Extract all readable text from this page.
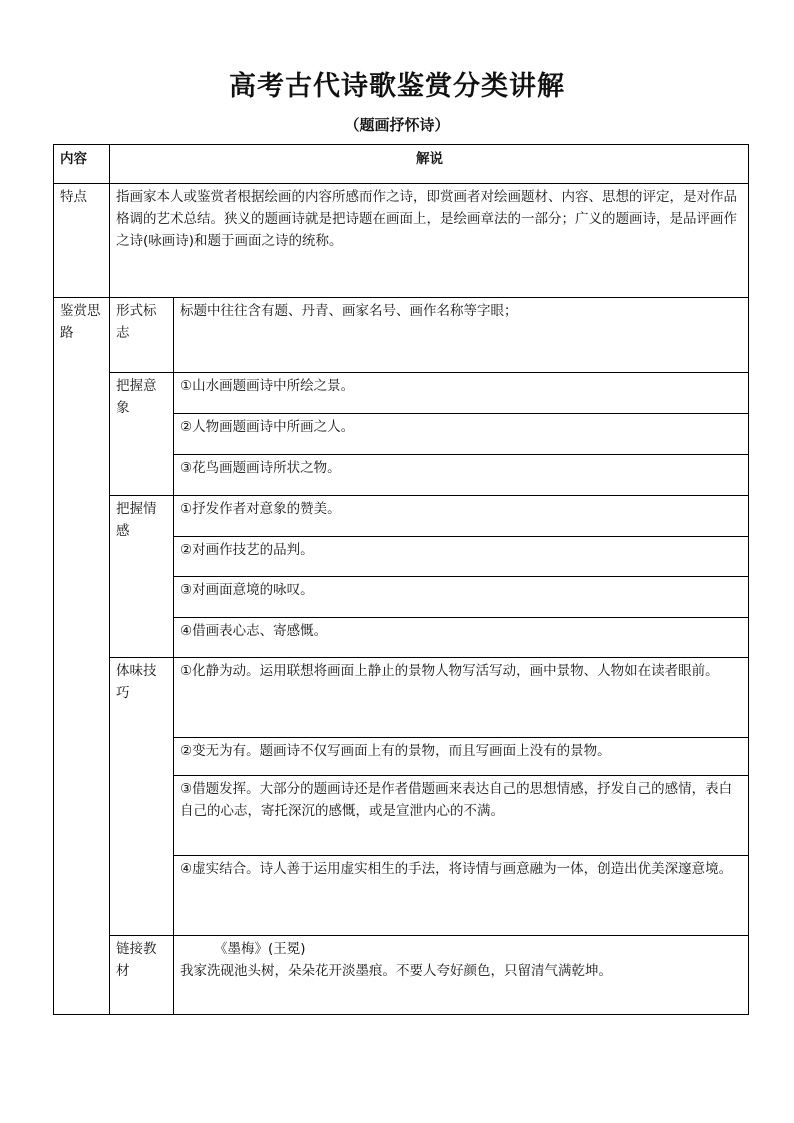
高考古代诗歌鉴赏分类讲解
（题画抒怀诗）
内容	解说	
特点	指画家本人或鉴赏者根据绘画的内容所感而作之诗，即赏画者对绘画题材、内容、思想的评定，是对作品格调的艺术总结。狭义的题画诗就是把诗题在画面上，是绘画章法的一部分；广义的题画诗，是品评画作之诗(咏画诗)和题于画面之诗的统称。	
鉴赏思路	形式标志	标题中往往含有题、丹青、画家名号、画作名称等字眼；
	把握意象	①山水画题画诗中所绘之景。
		②人物画题画诗中所画之人。
		③花鸟画题画诗所状之物。
	把握情感	①抒发作者对意象的赞美。
		②对画作技艺的品判。
		③对画面意境的咏叹。
		④借画表心志、寄感慨。
	体味技巧	①化静为动。运用联想将画面上静止的景物人物写活写动，画中景物、人物如在读者眼前。
		②变无为有。题画诗不仅写画面上有的景物，而且写画面上没有的景物。
		③借题发挥。大部分的题画诗还是作者借题画来表达自己的思想情感，抒发自己的感情，表白自己的心志，寄托深沉的感慨，或是宣泄内心的不满。
		④虚实结合。诗人善于运用虚实相生的手法，将诗情与画意融为一体，创造出优美深邃意境。
	链接教材	《墨梅》(王冕)
我家洗砚池头树，朵朵花开淡墨痕。不要人夸好颜色，只留清气满乾坤。
